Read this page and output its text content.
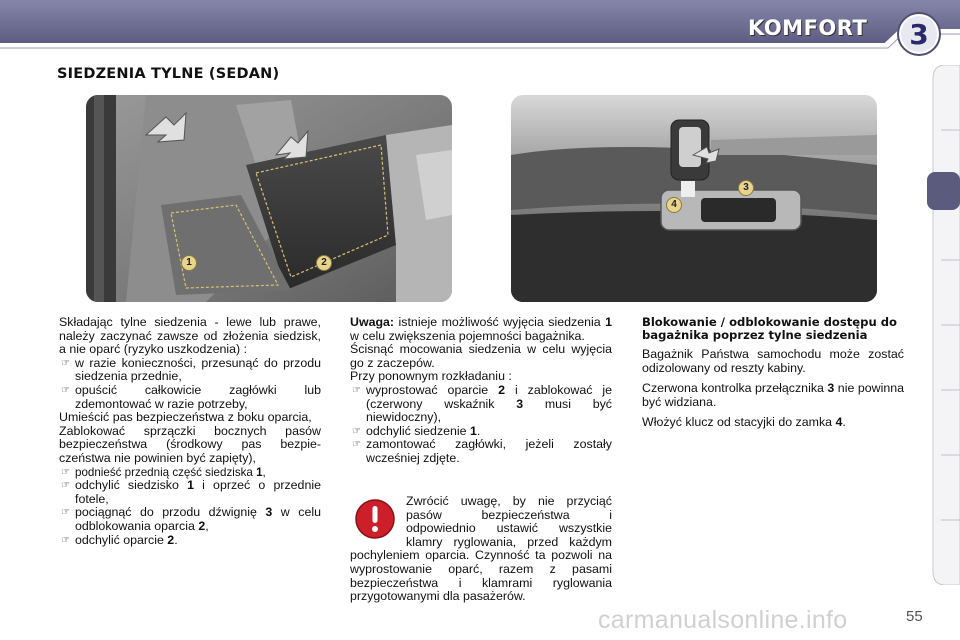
KOMFORT	3
SIEDZENIA TYLNE (SEDAN)
1	2
3
4

Składając tylne siedzenia - lewe lub prawe, należy zaczynać zawsze od złożenia siedzisk, a nie oparć (ryzyko uszkodzenia) :

☞ w razie konieczności, przesunąć do przodu siedzenia przednie,
☞ opuścić całkowicie zagłówki lub zdemontować w razie potrzeby,

Umieścić pas bezpieczeństwa z boku oparcia,

Zablokować sprzączki bocznych pasów bezpieczeństwa (środkowy pas bezpie-czeństwa nie powinien być zapięty),

☞ podnieść przednią część siedziska 1,
☞ odchylić siedzisko 1 i oprzeć o przednie fotele,
☞ pociągnąć do przodu dźwignię 3 w celu odblokowania oparcia 2,
☞ odchylić oparcie 2.

Uwaga: istnieje możliwość wyjęcia siedzenia 1 w celu zwiększenia pojemności bagażnika.

Ścisnąć mocowania siedzenia w celu wyjęcia go z zaczepów.

Przy ponownym rozkładaniu :

☞ wyprostować oparcie 2 i zablokować je (czerwony wskaźnik 3 musi być niewidoczny),
☞ odchylić siedzenie 1.
☞ zamontować zagłówki, jeżeli zostały wcześniej zdjęte.
Zwrócić uwagę, by nie przyciąć pasów bezpieczeństwa i odpowiednio ustawić wszystkie klamry ryglowania, przed każdym pochyleniem oparcia. Czynność ta pozwoli na wyprostowanie oparć, razem z pasami bezpieczeństwa i klamrami ryglowania przygotowanymi dla pasażerów.

Blokowanie / odblokowanie dostępu do bagażnika poprzez tylne siedzenia

Bagażnik Państwa samochodu może zostać odizolowany od reszty kabiny.

Czerwona kontrolka przełącznika 3 nie powinna być widziana.

Włożyć klucz od stacyjki do zamka 4.

carmanualsonline.info	55
